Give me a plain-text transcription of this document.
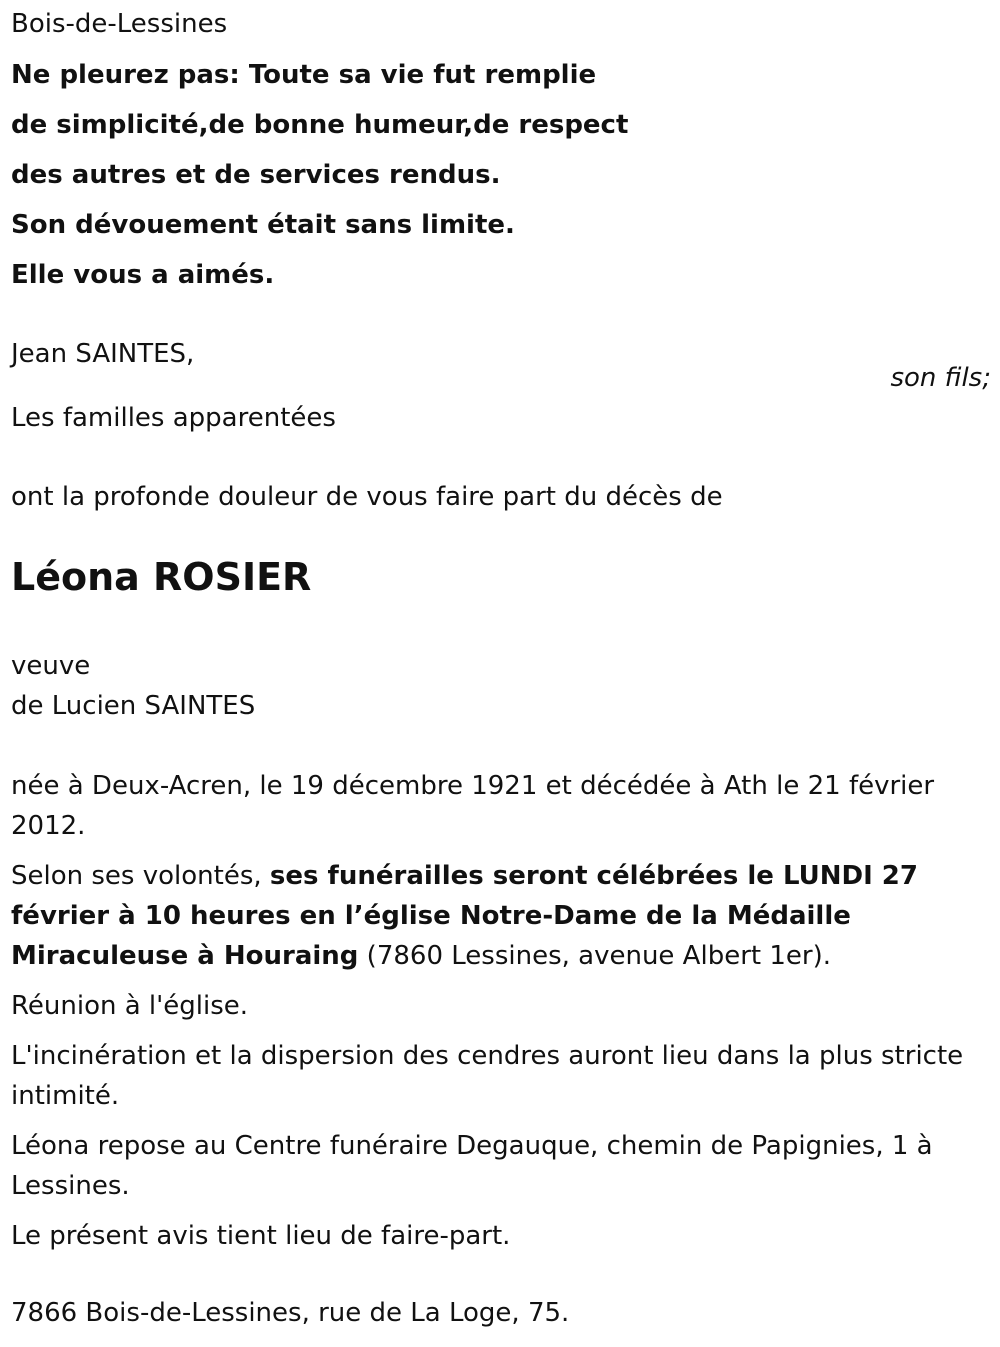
Bois-de-Lessines

Ne pleurez pas: Toute sa vie fut remplie

de simplicité,de bonne humeur,de respect

des autres et de services rendus.

Son dévouement était sans limite.

Elle vous a aimés.

Jean SAINTES,

son fils;

Les familles apparentées

ont la profonde douleur de vous faire part du décès de

Léona ROSIER

veuve

de Lucien SAINTES

née à Deux-Acren, le 19 décembre 1921 et décédée à Ath le 21 février 2012.

Selon ses volontés, ses funérailles seront célébrées le LUNDI 27 février à 10 heures en l’église Notre-Dame de la Médaille Miraculeuse à Houraing (7860 Lessines, avenue Albert 1er).

Réunion à l'église.

L'incinération et la dispersion des cendres auront lieu dans la plus stricte intimité.

Léona repose au Centre funéraire Degauque, chemin de Papignies, 1 à Lessines.

Le présent avis tient lieu de faire-part.

7866 Bois-de-Lessines, rue de La Loge, 75.
